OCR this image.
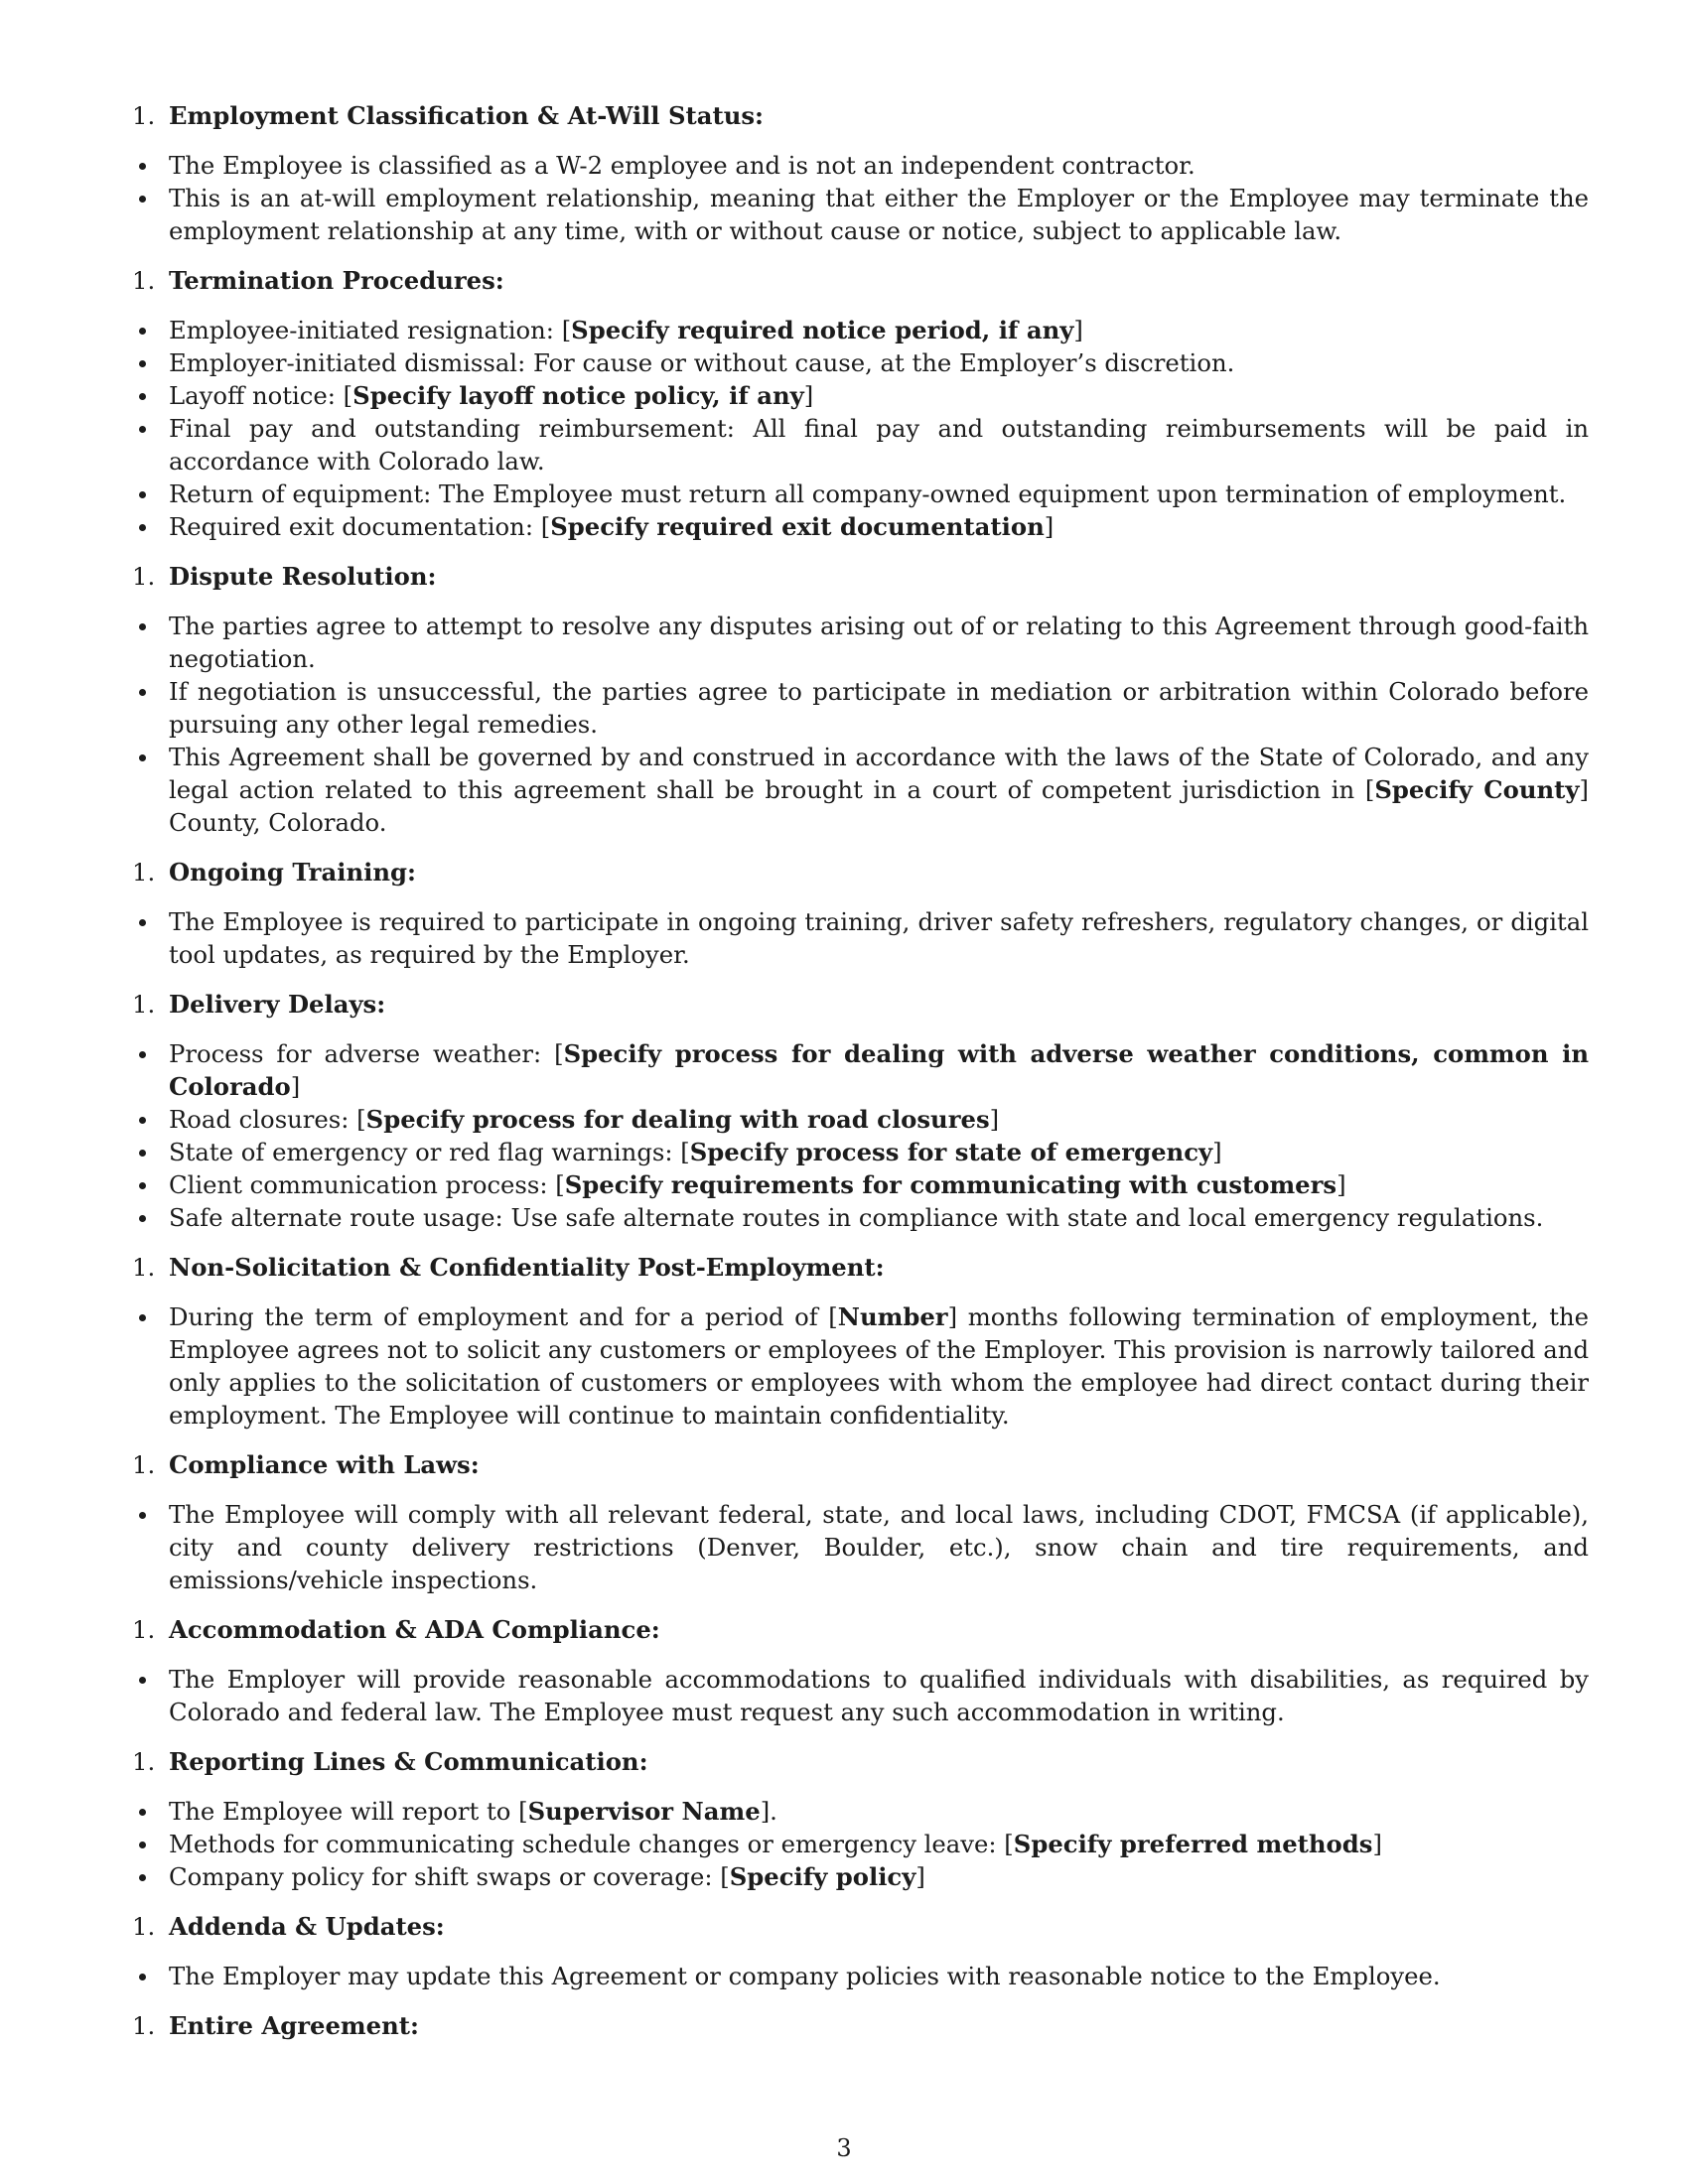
1. Employment Classification & At-Will Status:
The Employee is classified as a W-2 employee and is not an independent contractor.
This is an at-will employment relationship, meaning that either the Employer or the Employee may terminate the employment relationship at any time, with or without cause or notice, subject to applicable law.
1. Termination Procedures:
Employee-initiated resignation: [Specify required notice period, if any]
Employer-initiated dismissal: For cause or without cause, at the Employer’s discretion.
Layoff notice: [Specify layoff notice policy, if any]
Final pay and outstanding reimbursement: All final pay and outstanding reimbursements will be paid in accordance with Colorado law.
Return of equipment: The Employee must return all company-owned equipment upon termination of employment.
Required exit documentation: [Specify required exit documentation]
1. Dispute Resolution:
The parties agree to attempt to resolve any disputes arising out of or relating to this Agreement through good-faith negotiation.
If negotiation is unsuccessful, the parties agree to participate in mediation or arbitration within Colorado before pursuing any other legal remedies.
This Agreement shall be governed by and construed in accordance with the laws of the State of Colorado, and any legal action related to this agreement shall be brought in a court of competent jurisdiction in [Specify County] County, Colorado.
1. Ongoing Training:
The Employee is required to participate in ongoing training, driver safety refreshers, regulatory changes, or digital tool updates, as required by the Employer.
1. Delivery Delays:
Process for adverse weather: [Specify process for dealing with adverse weather conditions, common in Colorado]
Road closures: [Specify process for dealing with road closures]
State of emergency or red flag warnings: [Specify process for state of emergency]
Client communication process: [Specify requirements for communicating with customers]
Safe alternate route usage: Use safe alternate routes in compliance with state and local emergency regulations.
1. Non-Solicitation & Confidentiality Post-Employment:
During the term of employment and for a period of [Number] months following termination of employment, the Employee agrees not to solicit any customers or employees of the Employer. This provision is narrowly tailored and only applies to the solicitation of customers or employees with whom the employee had direct contact during their employment. The Employee will continue to maintain confidentiality.
1. Compliance with Laws:
The Employee will comply with all relevant federal, state, and local laws, including CDOT, FMCSA (if applicable), city and county delivery restrictions (Denver, Boulder, etc.), snow chain and tire requirements, and emissions/vehicle inspections.
1. Accommodation & ADA Compliance:
The Employer will provide reasonable accommodations to qualified individuals with disabilities, as required by Colorado and federal law. The Employee must request any such accommodation in writing.
1. Reporting Lines & Communication:
The Employee will report to [Supervisor Name].
Methods for communicating schedule changes or emergency leave: [Specify preferred methods]
Company policy for shift swaps or coverage: [Specify policy]
1. Addenda & Updates:
The Employer may update this Agreement or company policies with reasonable notice to the Employee.
1. Entire Agreement:
3
